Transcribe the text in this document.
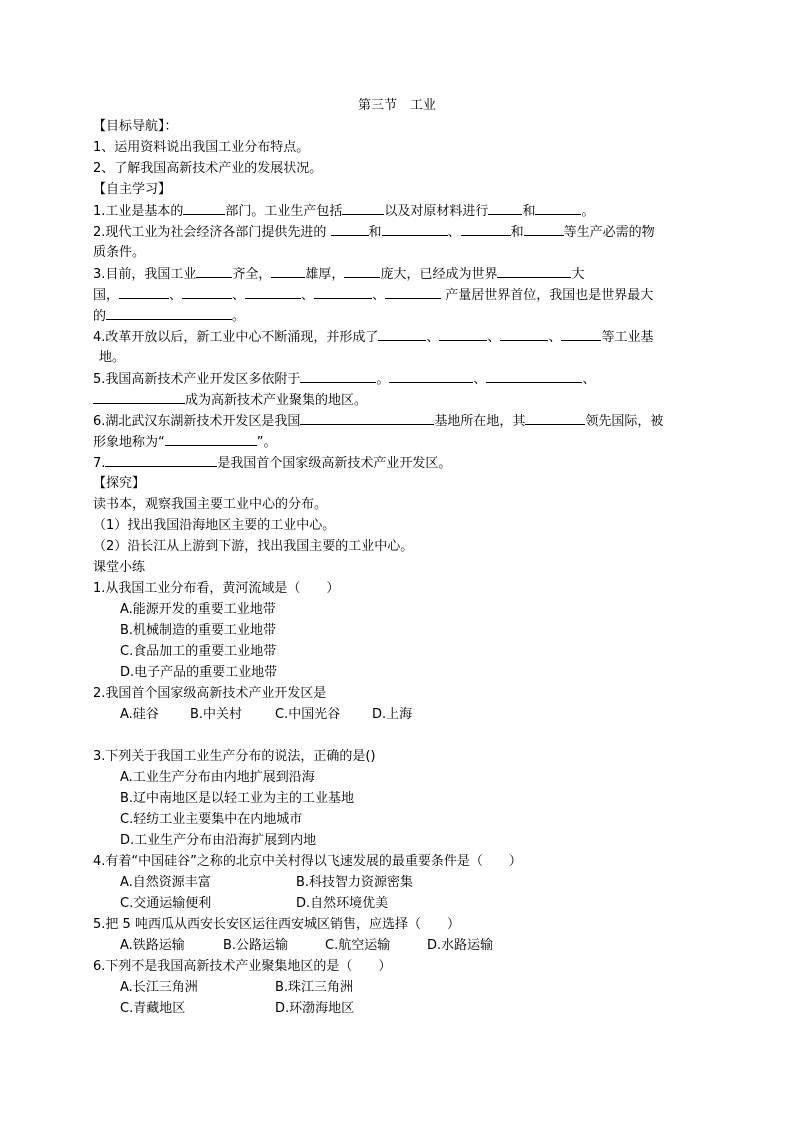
第三节　工业
【目标导航】：
1、运用资料说出我国工业分布特点。
2、了解我国高新技术产业的发展状况。
【自主学习】
1.工业是基本的	部门。工业生产包括	以及对原材料进行	和	。
2.现代工业为社会经济各部门提供先进的	和	、	和	等生产必需的物
质条件。
3.目前，我国工业	齐全，	雄厚，	庞大，已经成为世界	大
国，	、	、	、	、	产量居世界首位，我国也是世界最大
的	。
4.改革开放以后，新工业中心不断涌现，并形成了	、	、	、	等工业基
地。
5.我国高新技术产业开发区多依附于	。	、	、
成为高新技术产业聚集的地区。
6.湖北武汉东湖新技术开发区是我国	基地所在地，其	领先国际，被
形象地称为“	”。
7.	是我国首个国家级高新技术产业开发区。
【探究】
读书本，观察我国主要工业中心的分布。
（1）找出我国沿海地区主要的工业中心。
（2）沿长江从上游到下游，找出我国主要的工业中心。
课堂小练
1.从我国工业分布看，黄河流域是（　　）
A.能源开发的重要工业地带
B.机械制造的重要工业地带
C.食品加工的重要工业地带
D.电子产品的重要工业地带
2.我国首个国家级高新技术产业开发区是
A.硅谷 B.中关村	C.中国光谷 D.上海
3.下列关于我国工业生产分布的说法，正确的是()
A.工业生产分布由内地扩展到沿海
B.辽中南地区是以轻工业为主的工业基地
C.轻纺工业主要集中在内地城市
D.工业生产分布由沿海扩展到内地
4.有着“中国硅谷”之称的北京中关村得以飞速发展的最重要条件是（　　）
A.自然资源丰富	B.科技智力资源密集
C.交通运输便利	D.自然环境优美
5.把 5 吨西瓜从西安长安区运往西安城区销售，应选择（　　）
A.铁路运输	B.公路运输	C.航空运输	D.水路运输
6.下列不是我国高新技术产业聚集地区的是（　　）
A.长江三角洲	B.珠江三角洲
C.青藏地区	D.环渤海地区
